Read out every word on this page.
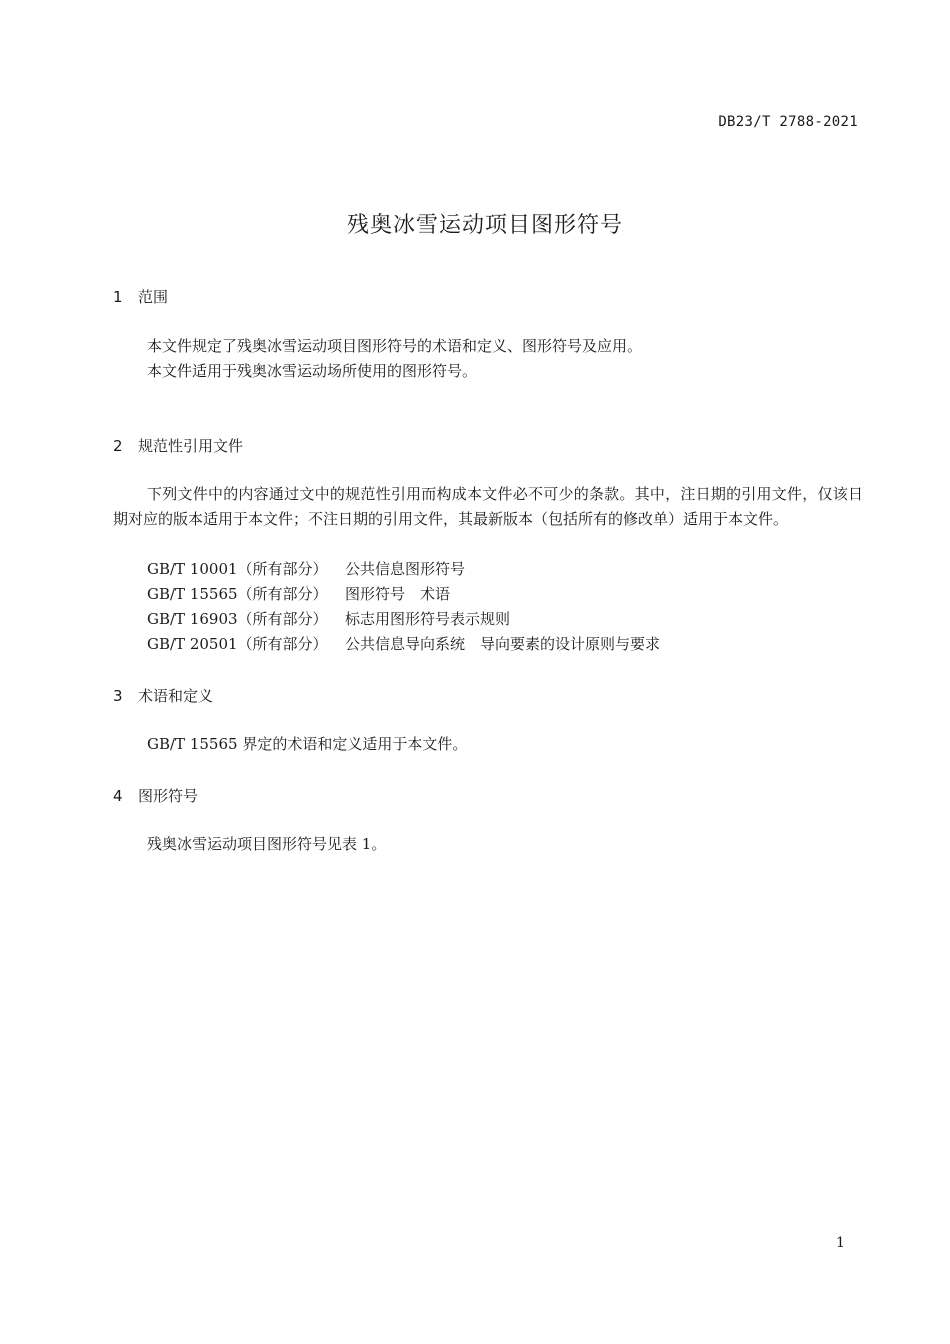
DB23/T 2788-2021
残奥冰雪运动项目图形符号
1 范围

本文件规定了残奥冰雪运动项目图形符号的术语和定义、图形符号及应用。

本文件适用于残奥冰雪运动场所使用的图形符号。

2 规范性引用文件

下列文件中的内容通过文中的规范性引用而构成本文件必不可少的条款。其中，注日期的引用文件，仅该日期对应的版本适用于本文件；不注日期的引用文件，其最新版本（包括所有的修改单）适用于本文件。

GB/T 10001（所有部分） 公共信息图形符号
GB/T 15565（所有部分） 图形符号　术语
GB/T 16903（所有部分） 标志用图形符号表示规则
GB/T 20501（所有部分） 公共信息导向系统　导向要素的设计原则与要求
3 术语和定义

GB/T 15565 界定的术语和定义适用于本文件。

4 图形符号

残奥冰雪运动项目图形符号见表 1。

1
